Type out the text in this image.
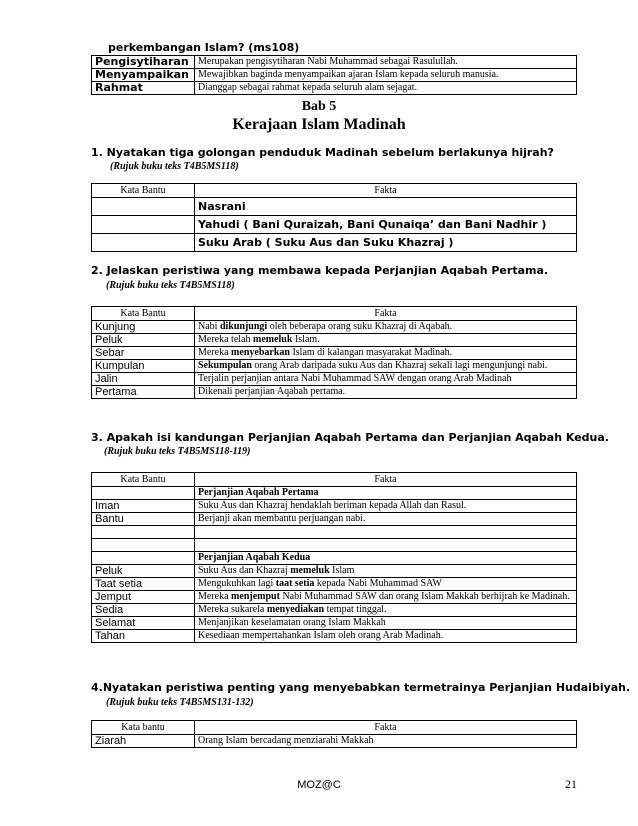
perkembangan Islam? (ms108)
Pengisytiharan	Merupakan pengisytiharan Nabi Muhammad sebagai Rasulullah.
Menyampaikan	Mewajibkan baginda menyampaikan ajaran Islam kepada seluruh manusia.
Rahmat	Dianggap sebagai rahmat kepada seluruh alam sejagat.
Bab 5
Kerajaan Islam Madinah
1. Nyatakan tiga golongan penduduk Madinah sebelum berlakunya hijrah?
(Rujuk buku teks T4B5MS118)
Kata Bantu	Fakta
	Nasrani
	Yahudi ( Bani Quraizah, Bani Qunaiqa’ dan Bani Nadhir )
	Suku Arab ( Suku Aus dan Suku Khazraj )
2. Jelaskan peristiwa yang membawa kepada Perjanjian Aqabah Pertama.
(Rujuk buku teks T4B5MS118)
Kata Bantu	Fakta
Kunjung	Nabi dikunjungi oleh beberapa orang suku Khazraj di Aqabah.
Peluk	Mereka telah memeluk Islam.
Sebar	Mereka menyebarkan Islam di kalangan masyarakat Madinah.
Kumpulan	Sekumpulan orang Arab daripada suku Aus dan Khazraj sekali lagi mengunjungi nabi.
Jalin	Terjalin perjanjian antara Nabi Muhammad SAW dengan orang Arab Madinah
Pertama	Dikenali perjanjian Aqabah pertama.
3. Apakah isi kandungan Perjanjian Aqabah Pertama dan Perjanjian Aqabah Kedua.
(Rujuk buku teks T4B5MS118-119)
Kata Bantu	Fakta
	Perjanjian Aqabah Pertama
Iman	Suku Aus dan Khazraj hendaklah beriman kepada Allah dan Rasul.
Bantu	Berjanji akan membantu perjuangan nabi.

	Perjanjian Aqabah Kedua
Peluk	Suku Aus dan Khazraj memeluk Islam
Taat setia	Mengukuhkan lagi taat setia kepada Nabi Muhammad SAW
Jemput	Mereka menjemput Nabi Muhammad SAW dan orang Islam Makkah berhijrah ke Madinah.
Sedia	Mereka sukarela menyediakan tempat tinggal.
Selamat	Menjanjikan keselamatan orang Islam Makkah
Tahan	Kesediaan mempertahankan Islam oleh orang Arab Madinah.
4.Nyatakan peristiwa penting yang menyebabkan termetrainya Perjanjian Hudaibiyah.
(Rujuk buku teks T4B5MS131-132)
Kata bantu	Fakta
Ziarah	Orang Islam bercadang menziarahi Makkah
MOZ@C	21
